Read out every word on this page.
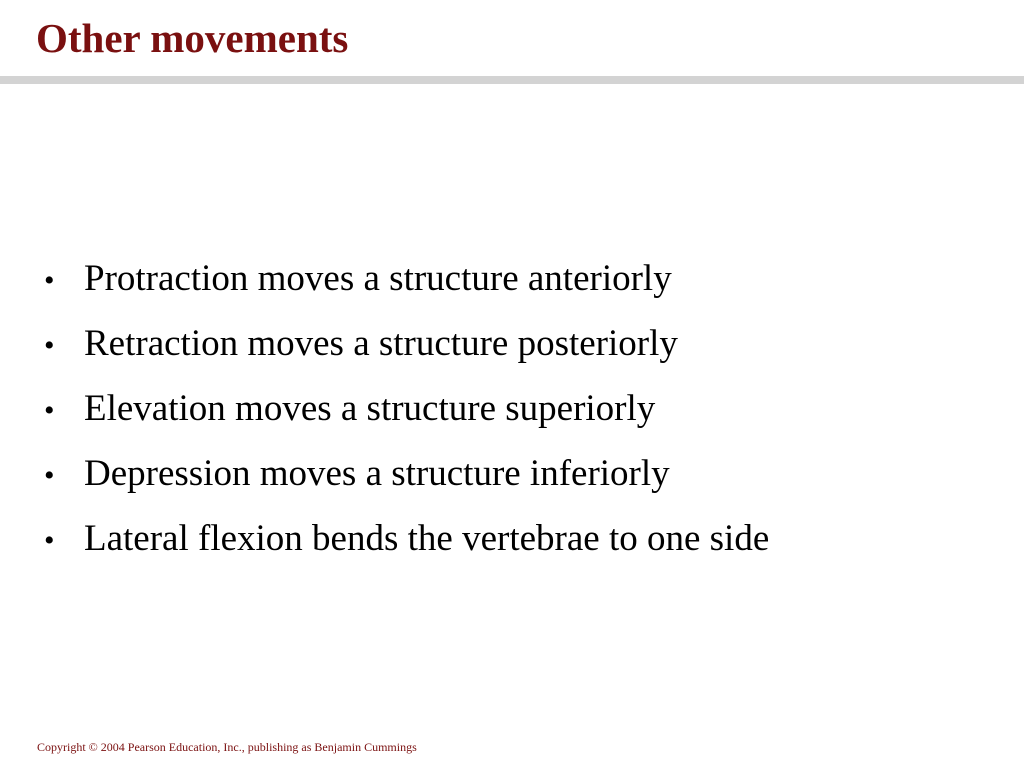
Other movements
• Protraction moves a structure anteriorly
• Retraction moves a structure posteriorly
• Elevation moves a structure superiorly
• Depression moves a structure inferiorly
• Lateral flexion bends the vertebrae to one side
Copyright © 2004 Pearson Education, Inc., publishing as Benjamin Cummings
